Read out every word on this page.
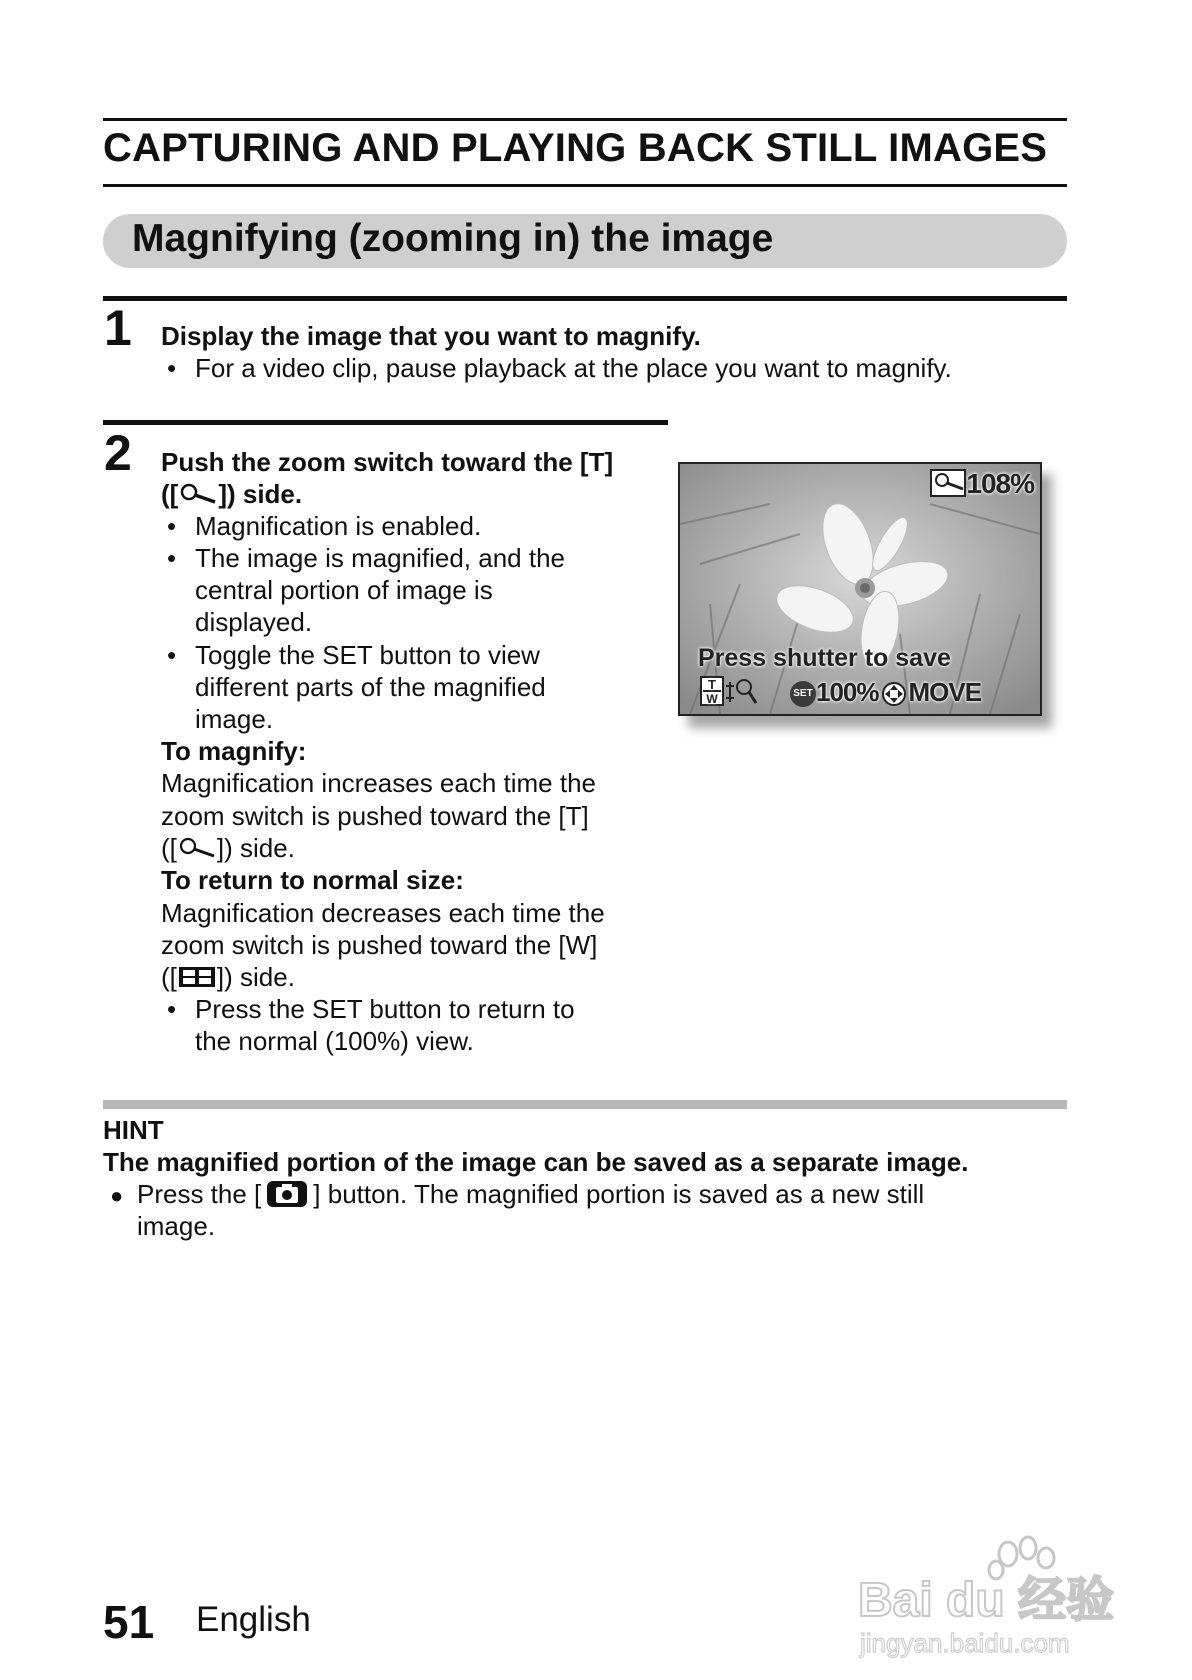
CAPTURING AND PLAYING BACK STILL IMAGES
Magnifying (zooming in) the image
1 Display the image that you want to magnify.
• For a video clip, pause playback at the place you want to magnify.
2 Push the zoom switch toward the [T]
([ ]) side.
• Magnification is enabled.
• The image is magnified, and the
central portion of image is
displayed.
• Toggle the SET button to view
different parts of the magnified
image.
To magnify:
Magnification increases each time the
zoom switch is pushed toward the [T]
([ ]) side.
To return to normal size:
Magnification decreases each time the
zoom switch is pushed toward the [W]
([ ]) side.
• Press the SET button to return to
the normal (100%) view.
108%
Press shutter to save
T
W	SET 100% MOVE
HINT
The magnified portion of the image can be saved as a separate image.
● Press the [ ] button. The magnified portion is saved as a new still
image.
51 English	Bai du 经验
jingyan.baidu.com
